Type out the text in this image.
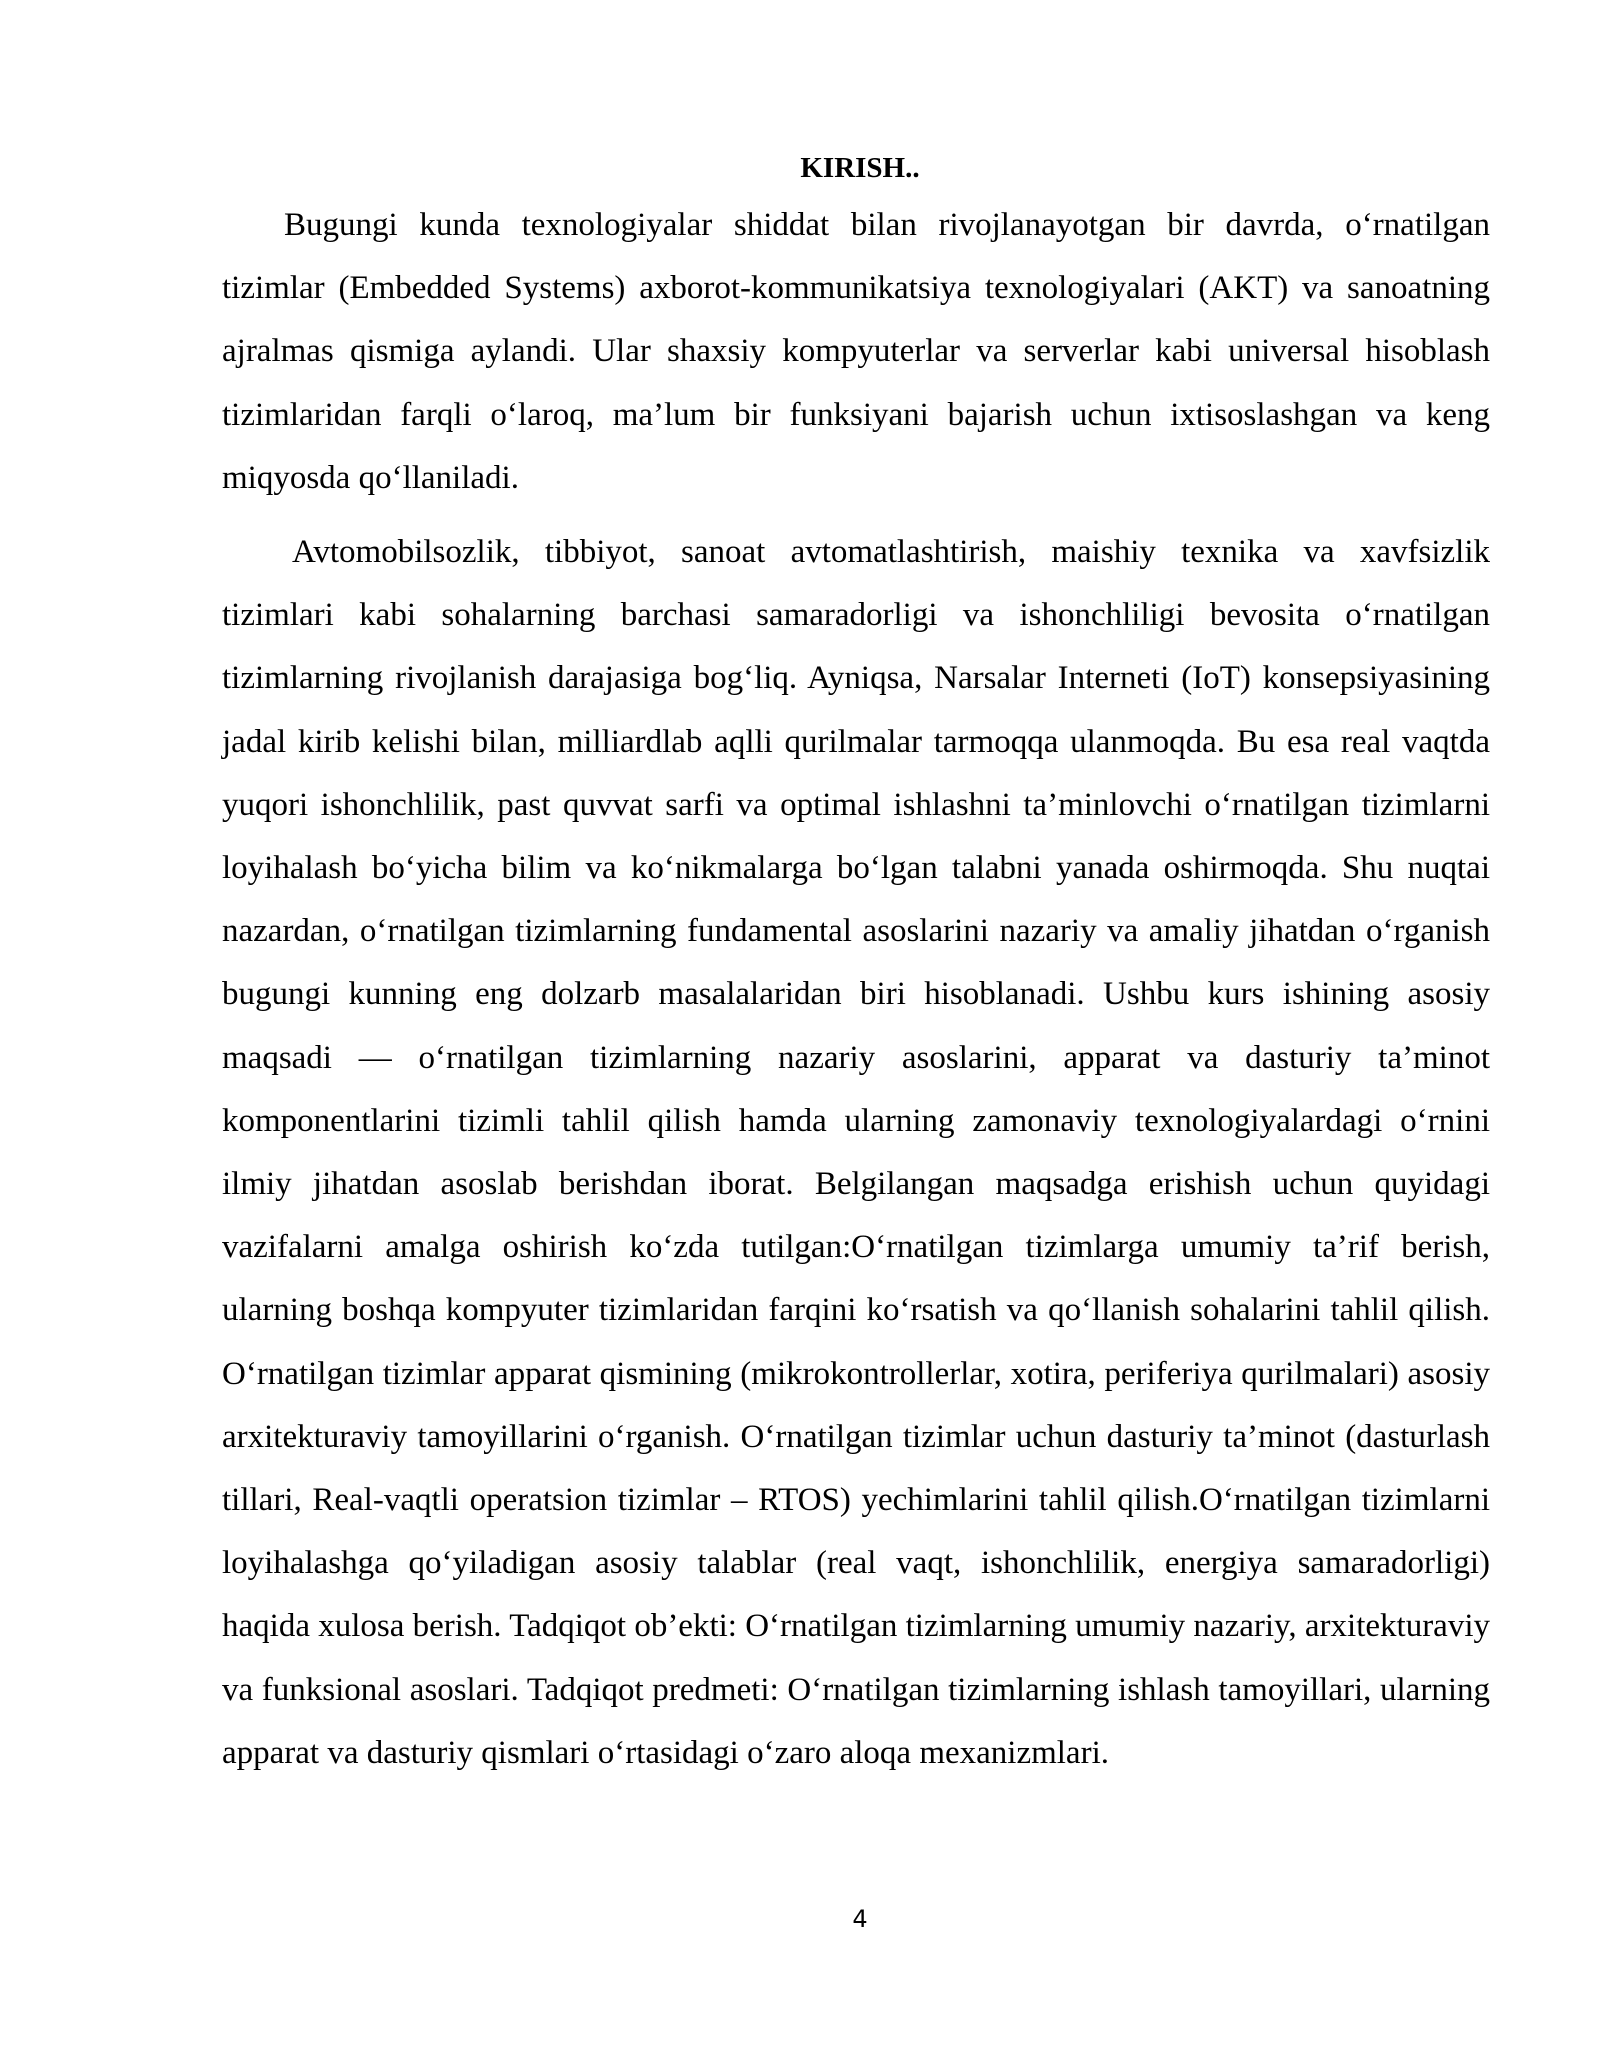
KIRISH..

Bugungi kunda texnologiyalar shiddat bilan rivojlanayotgan bir davrda, o‘rnatilgan tizimlar (Embedded Systems) axborot-kommunikatsiya texnologiyalari (AKT) va sanoatning ajralmas qismiga aylandi. Ular shaxsiy kompyuterlar va serverlar kabi universal hisoblash tizimlaridan farqli o‘laroq, ma’lum bir funksiyani bajarish uchun ixtisoslashgan va keng miqyosda qo‘llaniladi.

Avtomobilsozlik, tibbiyot, sanoat avtomatlashtirish, maishiy texnika va xavfsizlik tizimlari kabi sohalarning barchasi samaradorligi va ishonchliligi bevosita o‘rnatilgan tizimlarning rivojlanish darajasiga bog‘liq. Ayniqsa, Narsalar Interneti (IoT) konsepsiyasining jadal kirib kelishi bilan, milliardlab aqlli qurilmalar tarmoqqa ulanmoqda. Bu esa real vaqtda yuqori ishonchlilik, past quvvat sarfi va optimal ishlashni ta’minlovchi o‘rnatilgan tizimlarni loyihalash bo‘yicha bilim va ko‘nikmalarga bo‘lgan talabni yanada oshirmoqda. Shu nuqtai nazardan, o‘rnatilgan tizimlarning fundamental asoslarini nazariy va amaliy jihatdan o‘rganish bugungi kunning eng dolzarb masalalaridan biri hisoblanadi. Ushbu kurs ishining asosiy maqsadi — o‘rnatilgan tizimlarning nazariy asoslarini, apparat va dasturiy ta’minot komponentlarini tizimli tahlil qilish hamda ularning zamonaviy texnologiyalardagi o‘rnini ilmiy jihatdan asoslab berishdan iborat. Belgilangan maqsadga erishish uchun quyidagi vazifalarni amalga oshirish ko‘zda tutilgan:O‘rnatilgan tizimlarga umumiy ta’rif berish, ularning boshqa kompyuter tizimlaridan farqini ko‘rsatish va qo‘llanish sohalarini tahlil qilish. O‘rnatilgan tizimlar apparat qismining (mikrokontrollerlar, xotira, periferiya qurilmalari) asosiy arxitekturaviy tamoyillarini o‘rganish. O‘rnatilgan tizimlar uchun dasturiy ta’minot (dasturlash tillari, Real-vaqtli operatsion tizimlar – RTOS) yechimlarini tahlil qilish.O‘rnatilgan tizimlarni loyihalashga qo‘yiladigan asosiy talablar (real vaqt, ishonchlilik, energiya samaradorligi) haqida xulosa berish. Tadqiqot ob’ekti: O‘rnatilgan tizimlarning umumiy nazariy, arxitekturaviy va funksional asoslari. Tadqiqot predmeti: O‘rnatilgan tizimlarning ishlash tamoyillari, ularning apparat va dasturiy qismlari o‘rtasidagi o‘zaro aloqa mexanizmlari.

4
